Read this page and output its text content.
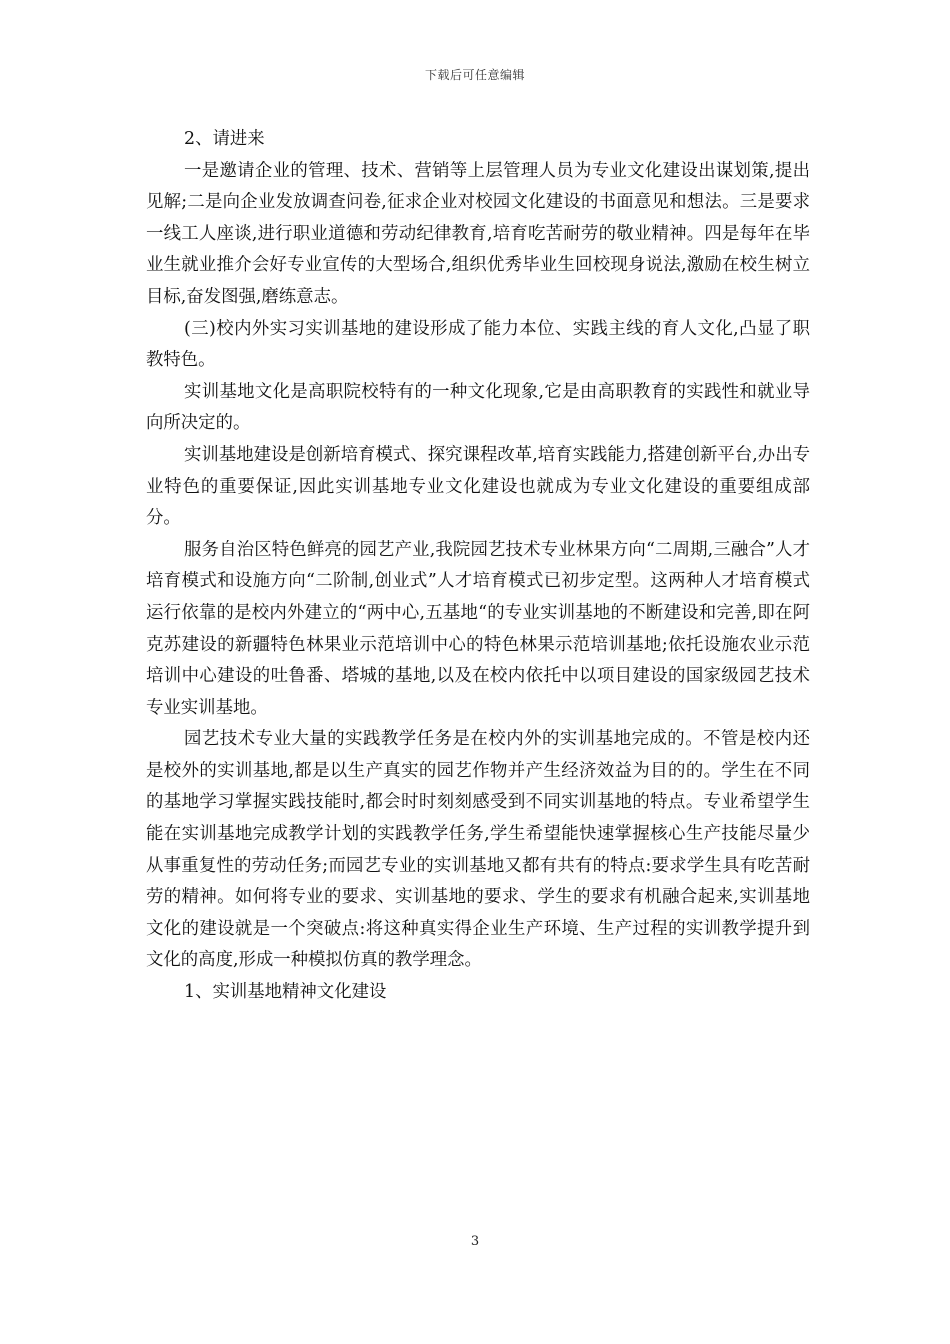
下载后可任意编辑

2、请进来

一是邀请企业的管理、技术、营销等上层管理人员为专业文化建设出谋划策,提出见解;二是向企业发放调查问卷,征求企业对校园文化建设的书面意见和想法。三是要求一线工人座谈,进行职业道德和劳动纪律教育,培育吃苦耐劳的敬业精神。四是每年在毕业生就业推介会好专业宣传的大型场合,组织优秀毕业生回校现身说法,激励在校生树立目标,奋发图强,磨练意志。

(三)校内外实习实训基地的建设形成了能力本位、实践主线的育人文化,凸显了职教特色。

实训基地文化是高职院校特有的一种文化现象,它是由高职教育的实践性和就业导向所决定的。

实训基地建设是创新培育模式、探究课程改革,培育实践能力,搭建创新平台,办出专业特色的重要保证,因此实训基地专业文化建设也就成为专业文化建设的重要组成部分。

服务自治区特色鲜亮的园艺产业,我院园艺技术专业林果方向“二周期,三融合”人才培育模式和设施方向“二阶制,创业式”人才培育模式已初步定型。这两种人才培育模式运行依靠的是校内外建立的“两中心,五基地“的专业实训基地的不断建设和完善,即在阿克苏建设的新疆特色林果业示范培训中心的特色林果示范培训基地;依托设施农业示范培训中心建设的吐鲁番、塔城的基地,以及在校内依托中以项目建设的国家级园艺技术专业实训基地。

园艺技术专业大量的实践教学任务是在校内外的实训基地完成的。不管是校内还是校外的实训基地,都是以生产真实的园艺作物并产生经济效益为目的的。学生在不同的基地学习掌握实践技能时,都会时时刻刻感受到不同实训基地的特点。专业希望学生能在实训基地完成教学计划的实践教学任务,学生希望能快速掌握核心生产技能尽量少从事重复性的劳动任务;而园艺专业的实训基地又都有共有的特点:要求学生具有吃苦耐劳的精神。如何将专业的要求、实训基地的要求、学生的要求有机融合起来,实训基地文化的建设就是一个突破点:将这种真实得企业生产环境、生产过程的实训教学提升到文化的高度,形成一种模拟仿真的教学理念。

1、实训基地精神文化建设

3
